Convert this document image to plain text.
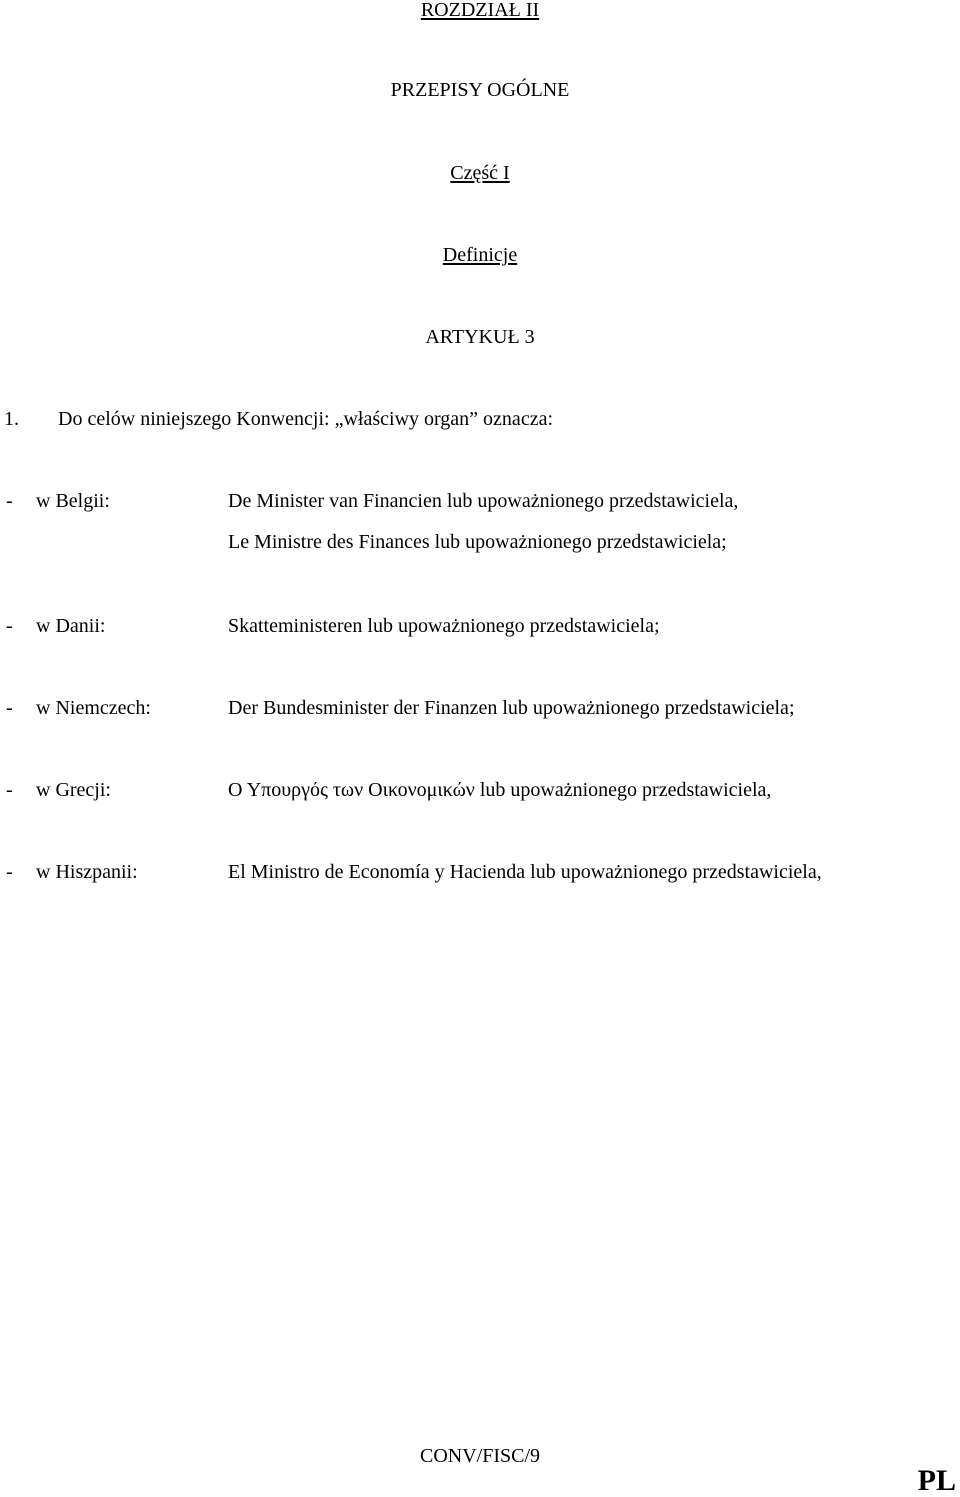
ROZDZIAŁ II
PRZEPISY OGÓLNE
Część I
Definicje
ARTYKUŁ 3
1. Do celów niniejszego Konwencji: „właściwy organ” oznacza:
- w Belgii:	De Minister van Financien lub upoważnionego przedstawiciela,
Le Ministre des Finances lub upoważnionego przedstawiciela;
- w Danii:	Skatteministeren lub upoważnionego przedstawiciela;
- w Niemczech:	Der Bundesminister der Finanzen lub upoważnionego przedstawiciela;
- w Grecji:	Ο Υπουργός των Οικονομικών lub upoważnionego przedstawiciela,
- w Hiszpanii:	El Ministro de Economía y Hacienda lub upoważnionego przedstawiciela,
CONV/FISC/9
PL
